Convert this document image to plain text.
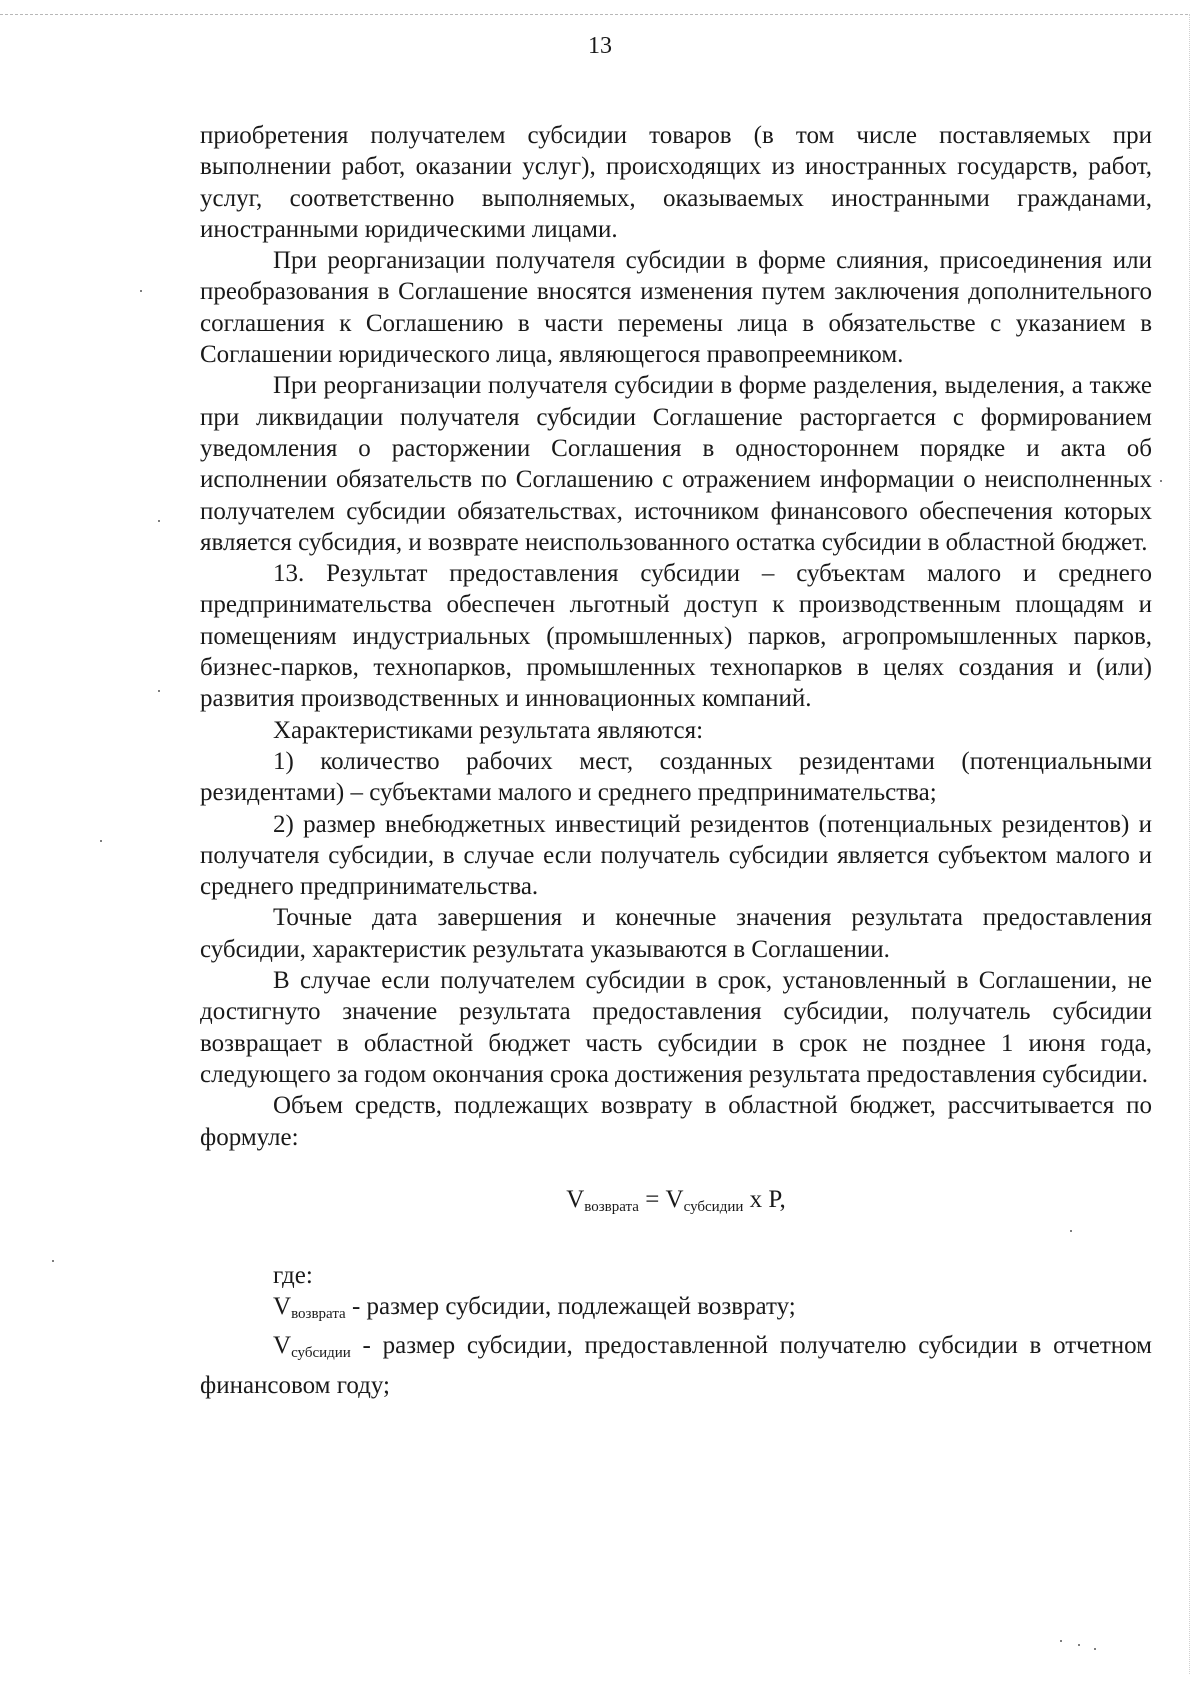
13

приобретения получателем субсидии товаров (в том числе поставляемых при выполнении работ, оказании услуг), происходящих из иностранных государств, работ, услуг, соответственно выполняемых, оказываемых иностранными гражданами, иностранными юридическими лицами.

При реорганизации получателя субсидии в форме слияния, присоединения или преобразования в Соглашение вносятся изменения путем заключения дополнительного соглашения к Соглашению в части перемены лица в обязательстве с указанием в Соглашении юридического лица, являющегося правопреемником.

При реорганизации получателя субсидии в форме разделения, выделения, а также при ликвидации получателя субсидии Соглашение расторгается с формированием уведомления о расторжении Соглашения в одностороннем порядке и акта об исполнении обязательств по Соглашению с отражением информации о неисполненных получателем субсидии обязательствах, источником финансового обеспечения которых является субсидия, и возврате неиспользованного остатка субсидии в областной бюджет.

13. Результат предоставления субсидии – субъектам малого и среднего предпринимательства обеспечен льготный доступ к производственным площадям и помещениям индустриальных (промышленных) парков, агропромышленных парков, бизнес-парков, технопарков, промышленных технопарков в целях создания и (или) развития производственных и инновационных компаний.

Характеристиками результата являются:

1) количество рабочих мест, созданных резидентами (потенциальными резидентами) – субъектами малого и среднего предпринимательства;

2) размер внебюджетных инвестиций резидентов (потенциальных резидентов) и получателя субсидии, в случае если получатель субсидии является субъектом малого и среднего предпринимательства.

Точные дата завершения и конечные значения результата предоставления субсидии, характеристик результата указываются в Соглашении.

В случае если получателем субсидии в срок, установленный в Соглашении, не достигнуто значение результата предоставления субсидии, получатель субсидии возвращает в областной бюджет часть субсидии в срок не позднее 1 июня года, следующего за годом окончания срока достижения результата предоставления субсидии.

Объем средств, подлежащих возврату в областной бюджет, рассчитывается по формуле:

$V_{возврата} = V_{субсидии}$ x P,

где:

$V_{возврата}$ - размер субсидии, подлежащей возврату;

$V_{субсидии}$ - размер субсидии, предоставленной получателю субсидии в отчетном финансовом году;
